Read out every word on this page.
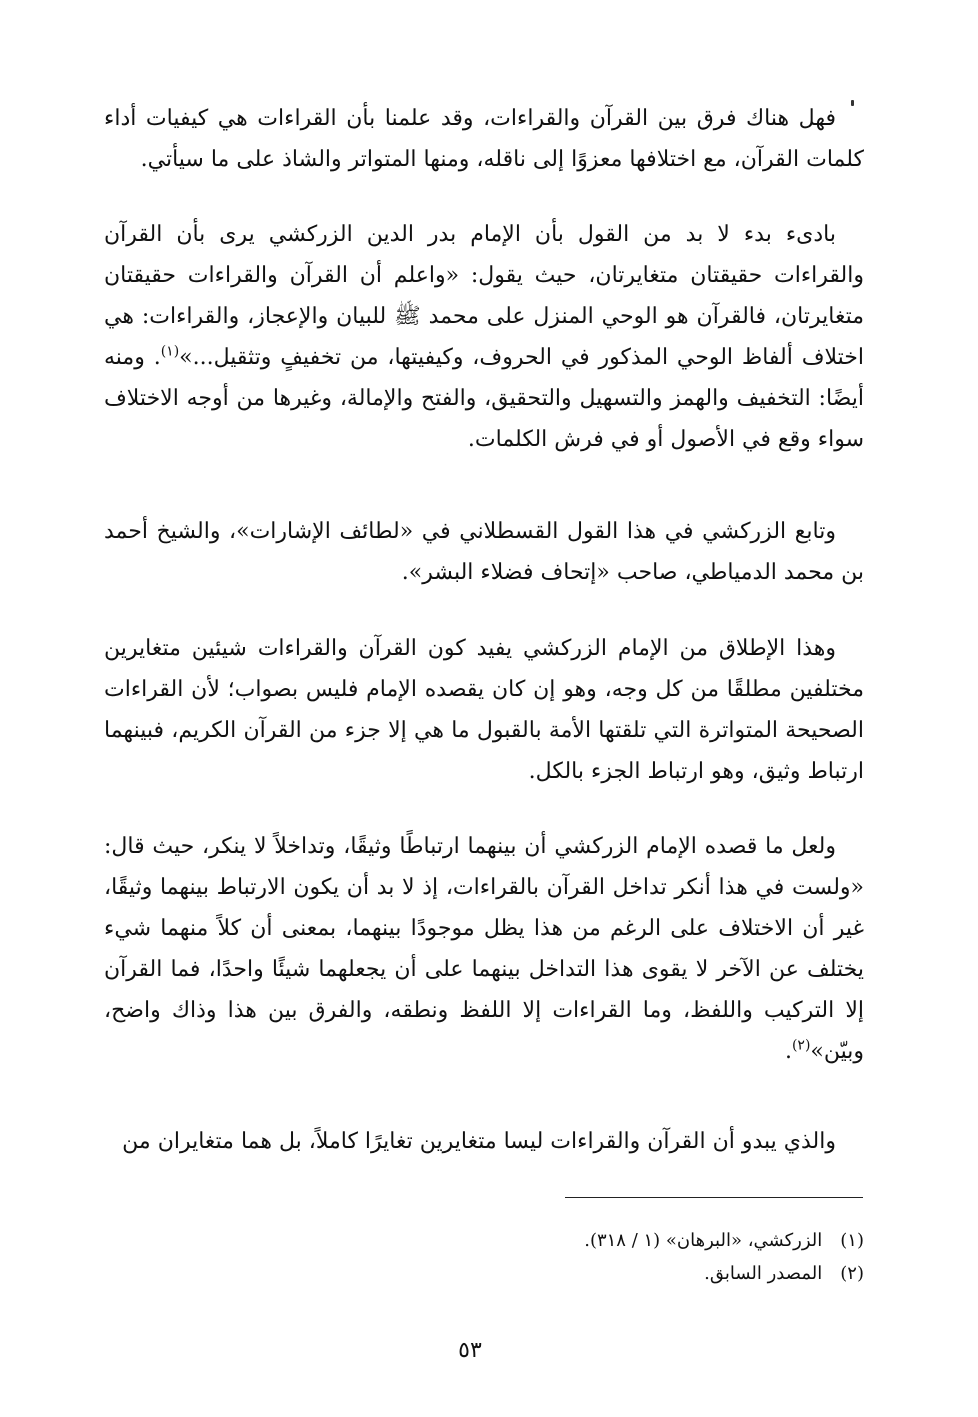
فهل هناك فرق بين القرآن والقراءات، وقد علمنا بأن القراءات هي كيفيات أداء كلمات القرآن، مع اختلافها معزوًا إلى ناقله، ومنها المتواتر والشاذ على ما سيأتي.

بادىء بدء لا بد من القول بأن الإمام بدر الدين الزركشي يرى بأن القرآن والقراءات حقيقتان متغايرتان، حيث يقول: «واعلم أن القرآن والقراءات حقيقتان متغايرتان، فالقرآن هو الوحي المنزل على محمد ﷺ للبيان والإعجاز، والقراءات: هي اختلاف ألفاظ الوحي المذكور في الحروف، وكيفيتها، من تخفيفٍ وتثقيل...»$^{(١)}$. ومنه أيضًا: التخفيف والهمز والتسهيل والتحقيق، والفتح والإمالة، وغيرها من أوجه الاختلاف سواء وقع في الأصول أو في فرش الكلمات.

وتابع الزركشي في هذا القول القسطلاني في «لطائف الإشارات»، والشيخ أحمد بن محمد الدمياطي، صاحب «إتحاف فضلاء البشر».

وهذا الإطلاق من الإمام الزركشي يفيد كون القرآن والقراءات شيئين متغايرين مختلفين مطلقًا من كل وجه، وهو إن كان يقصده الإمام فليس بصواب؛ لأن القراءات الصحيحة المتواترة التي تلقتها الأمة بالقبول ما هي إلا جزء من القرآن الكريم، فبينهما ارتباط وثيق، وهو ارتباط الجزء بالكل.

ولعل ما قصده الإمام الزركشي أن بينهما ارتباطًا وثيقًا، وتداخلاً لا ينكر، حيث قال: «ولست في هذا أنكر تداخل القرآن بالقراءات، إذ لا بد أن يكون الارتباط بينهما وثيقًا، غير أن الاختلاف على الرغم من هذا يظل موجودًا بينهما، بمعنى أن كلاً منهما شيء يختلف عن الآخر لا يقوى هذا التداخل بينهما على أن يجعلهما شيئًا واحدًا، فما القرآن إلا التركيب واللفظ، وما القراءات إلا اللفظ ونطقه، والفرق بين هذا وذاك واضح، وبيّن»$^{(٢)}$.

والذي يبدو أن القرآن والقراءات ليسا متغايرين تغايرًا كاملاً، بل هما متغايران من

(١) الزركشي، «البرهان» (١ / ٣١٨).
(٢) المصدر السابق.
٥٣
